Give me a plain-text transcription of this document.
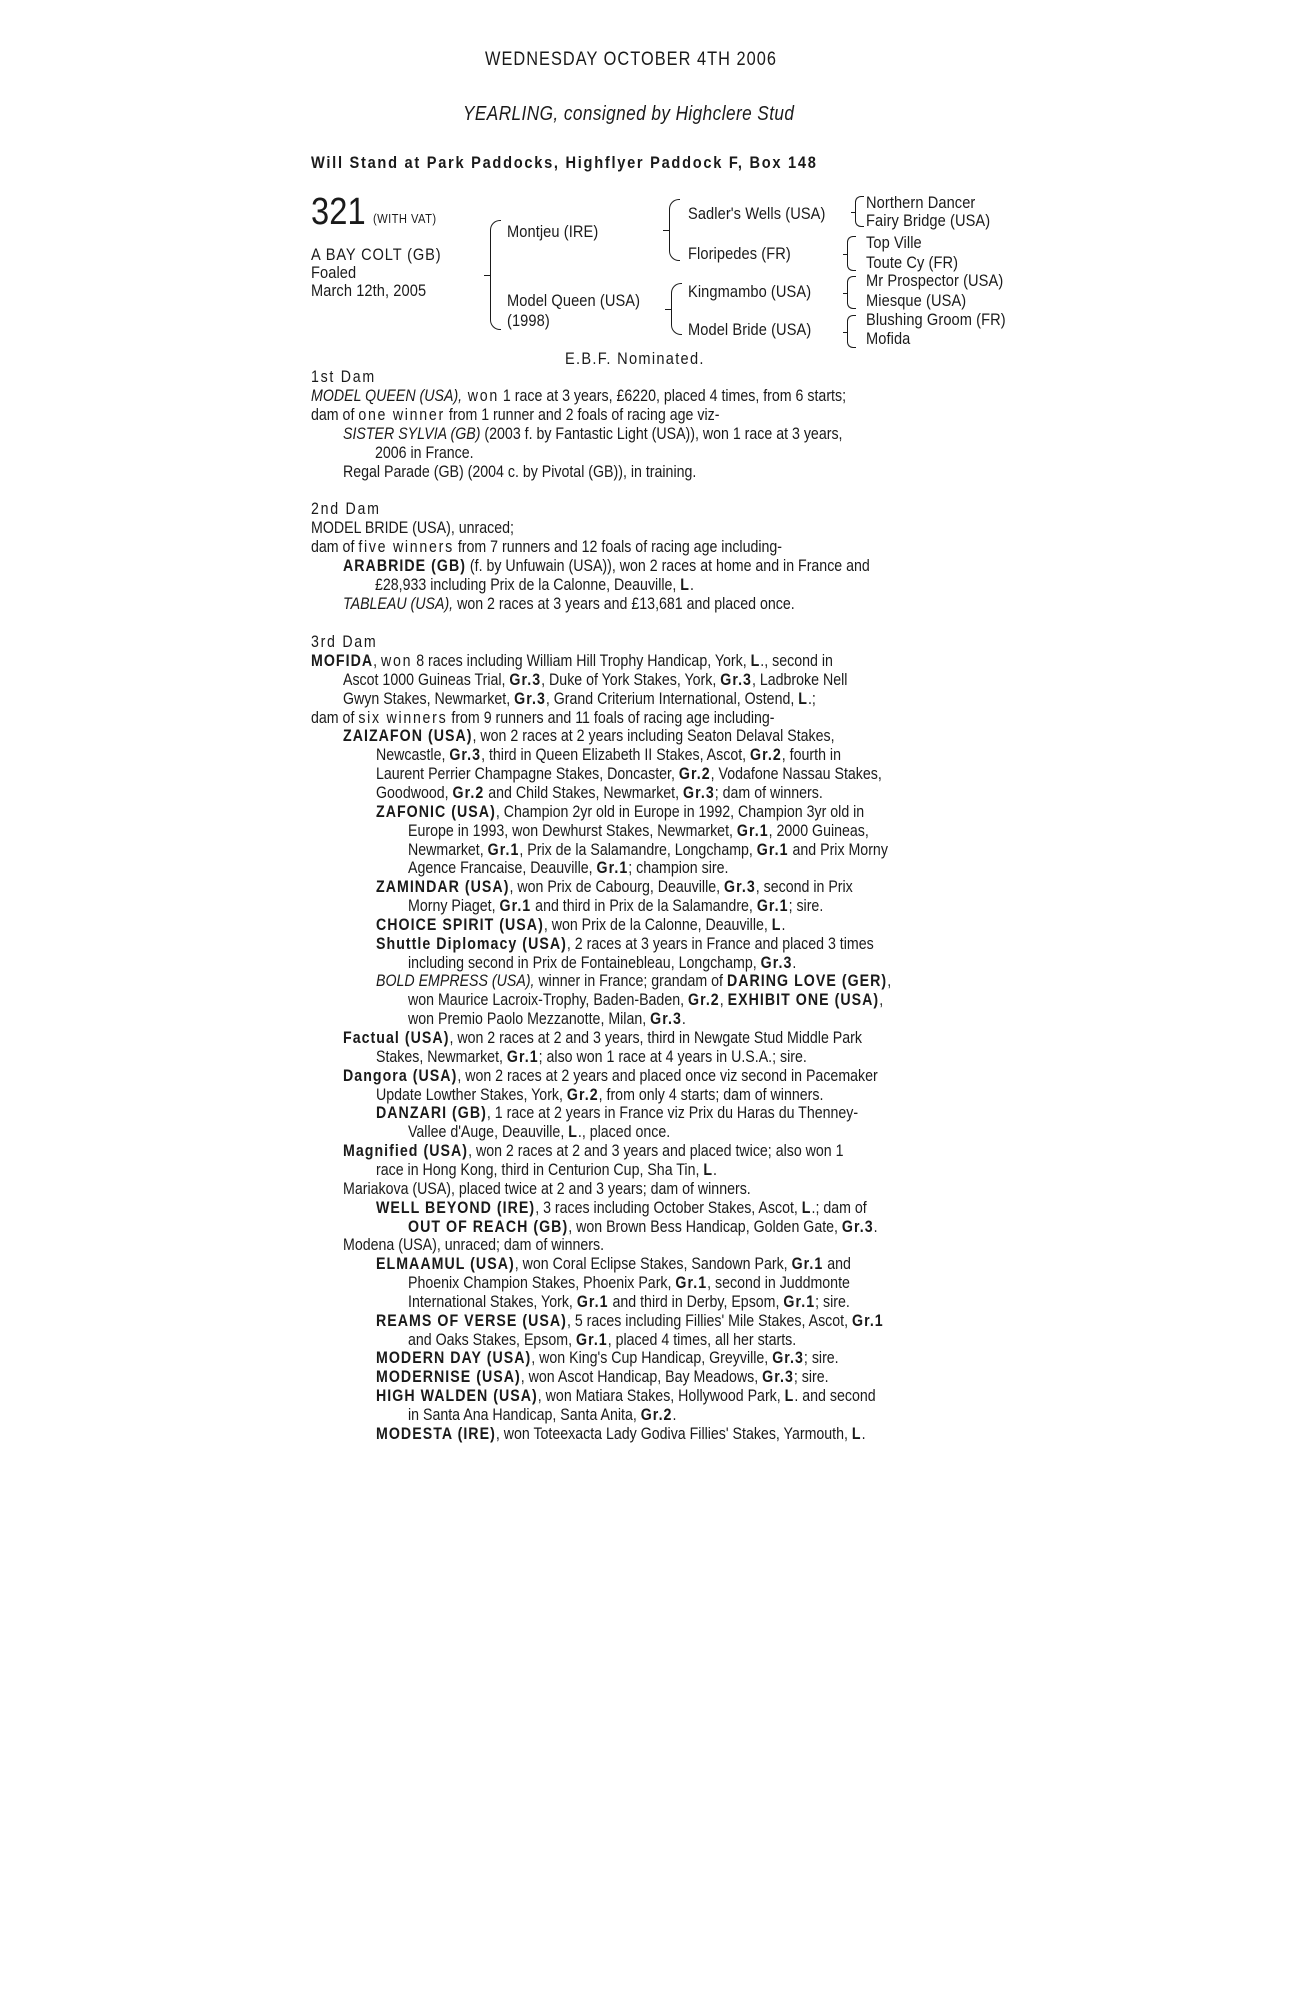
WEDNESDAY OCTOBER 4TH 2006
YEARLING, consigned by Highclere Stud
Will Stand at Park Paddocks, Highflyer Paddock F, Box 148
321 (WITH VAT)
A BAY COLT (GB)
Foaled
March 12th, 2005
Montjeu (IRE)
Model Queen (USA)
(1998)
Sadler's Wells (USA)
Floripedes (FR)
Kingmambo (USA)
Model Bride (USA)
Northern Dancer
Fairy Bridge (USA)
Top Ville
Toute Cy (FR)
Mr Prospector (USA)
Miesque (USA)
Blushing Groom (FR)
Mofida
E.B.F. Nominated.
1st Dam
MODEL QUEEN (USA), won 1 race at 3 years, £6220, placed 4 times, from 6 starts;
dam of one winner from 1 runner and 2 foals of racing age viz-
SISTER SYLVIA (GB) (2003 f. by Fantastic Light (USA)), won 1 race at 3 years,
2006 in France.
Regal Parade (GB) (2004 c. by Pivotal (GB)), in training.
2nd Dam
MODEL BRIDE (USA), unraced;
dam of five winners from 7 runners and 12 foals of racing age including-
ARABRIDE (GB) (f. by Unfuwain (USA)), won 2 races at home and in France and
£28,933 including Prix de la Calonne, Deauville, L.
TABLEAU (USA), won 2 races at 3 years and £13,681 and placed once.
3rd Dam
MOFIDA, won 8 races including William Hill Trophy Handicap, York, L., second in
Ascot 1000 Guineas Trial, Gr.3, Duke of York Stakes, York, Gr.3, Ladbroke Nell
Gwyn Stakes, Newmarket, Gr.3, Grand Criterium International, Ostend, L.;
dam of six winners from 9 runners and 11 foals of racing age including-
ZAIZAFON (USA), won 2 races at 2 years including Seaton Delaval Stakes,
Newcastle, Gr.3, third in Queen Elizabeth II Stakes, Ascot, Gr.2, fourth in
Laurent Perrier Champagne Stakes, Doncaster, Gr.2, Vodafone Nassau Stakes,
Goodwood, Gr.2 and Child Stakes, Newmarket, Gr.3; dam of winners.
ZAFONIC (USA), Champion 2yr old in Europe in 1992, Champion 3yr old in
Europe in 1993, won Dewhurst Stakes, Newmarket, Gr.1, 2000 Guineas,
Newmarket, Gr.1, Prix de la Salamandre, Longchamp, Gr.1 and Prix Morny
Agence Francaise, Deauville, Gr.1; champion sire.
ZAMINDAR (USA), won Prix de Cabourg, Deauville, Gr.3, second in Prix
Morny Piaget, Gr.1 and third in Prix de la Salamandre, Gr.1; sire.
CHOICE SPIRIT (USA), won Prix de la Calonne, Deauville, L.
Shuttle Diplomacy (USA), 2 races at 3 years in France and placed 3 times
including second in Prix de Fontainebleau, Longchamp, Gr.3.
BOLD EMPRESS (USA), winner in France; grandam of DARING LOVE (GER),
won Maurice Lacroix-Trophy, Baden-Baden, Gr.2, EXHIBIT ONE (USA),
won Premio Paolo Mezzanotte, Milan, Gr.3.
Factual (USA), won 2 races at 2 and 3 years, third in Newgate Stud Middle Park
Stakes, Newmarket, Gr.1; also won 1 race at 4 years in U.S.A.; sire.
Dangora (USA), won 2 races at 2 years and placed once viz second in Pacemaker
Update Lowther Stakes, York, Gr.2, from only 4 starts; dam of winners.
DANZARI (GB), 1 race at 2 years in France viz Prix du Haras du Thenney-
Vallee d'Auge, Deauville, L., placed once.
Magnified (USA), won 2 races at 2 and 3 years and placed twice; also won 1
race in Hong Kong, third in Centurion Cup, Sha Tin, L.
Mariakova (USA), placed twice at 2 and 3 years; dam of winners.
WELL BEYOND (IRE), 3 races including October Stakes, Ascot, L.; dam of
OUT OF REACH (GB), won Brown Bess Handicap, Golden Gate, Gr.3.
Modena (USA), unraced; dam of winners.
ELMAAMUL (USA), won Coral Eclipse Stakes, Sandown Park, Gr.1 and
Phoenix Champion Stakes, Phoenix Park, Gr.1, second in Juddmonte
International Stakes, York, Gr.1 and third in Derby, Epsom, Gr.1; sire.
REAMS OF VERSE (USA), 5 races including Fillies' Mile Stakes, Ascot, Gr.1
and Oaks Stakes, Epsom, Gr.1, placed 4 times, all her starts.
MODERN DAY (USA), won King's Cup Handicap, Greyville, Gr.3; sire.
MODERNISE (USA), won Ascot Handicap, Bay Meadows, Gr.3; sire.
HIGH WALDEN (USA), won Matiara Stakes, Hollywood Park, L. and second
in Santa Ana Handicap, Santa Anita, Gr.2.
MODESTA (IRE), won Toteexacta Lady Godiva Fillies' Stakes, Yarmouth, L.
